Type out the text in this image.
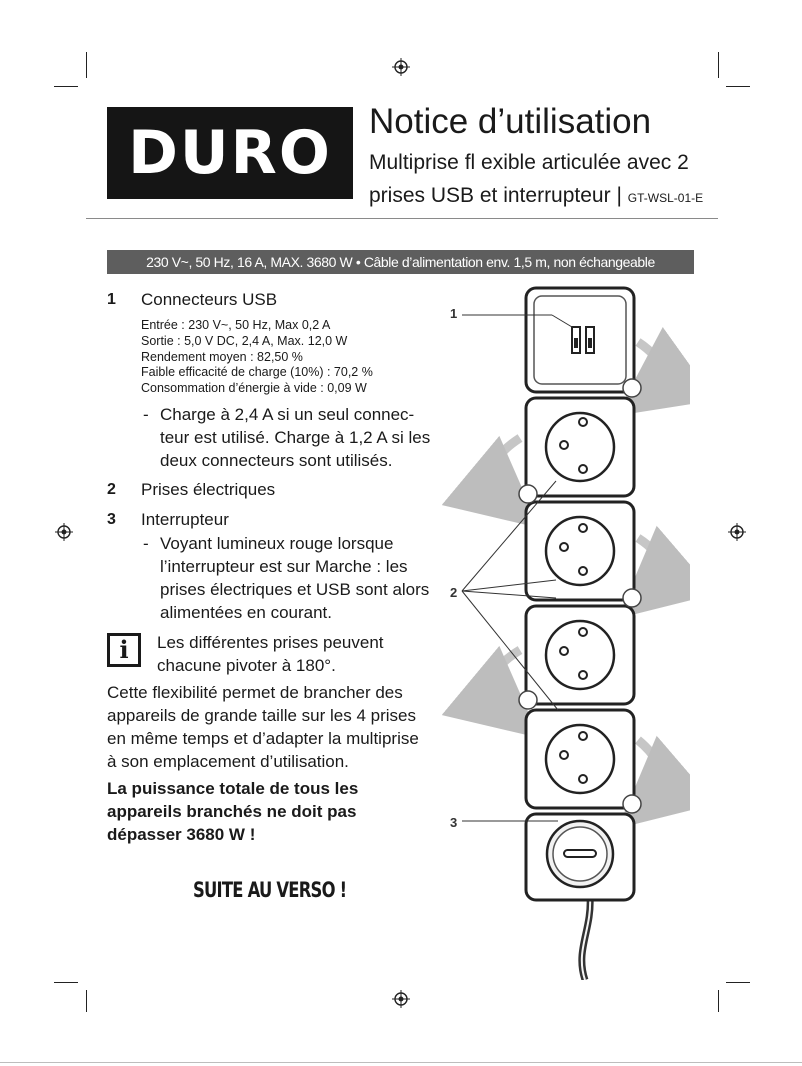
DURO	Notice d’utilisation
Multiprise fl exible articulée avec 2
prises USB et interrupteur | GT-WSL-01-E
230 V~, 50 Hz, 16 A, MAX. 3680 W • Câble d’alimentation env. 1,5 m, non échangeable
1 Connecteurs USB
Entrée : 230 V~, 50 Hz, Max 0,2 A
Sortie : 5,0 V DC, 2,4 A, Max. 12,0 W
Rendement moyen : 82,50 %
Faible efficacité de charge (10%) : 70,2 %
Consommation d’énergie à vide : 0,09 W
- Charge à 2,4 A si un seul connec-
teur est utilisé. Charge à 1,2 A si les
deux connecteurs sont utilisés.
2 Prises électriques
3 Interrupteur
- Voyant lumineux rouge lorsque
l’interrupteur est sur Marche : les
prises électriques et USB sont alors
alimentées en courant.
i	Les différentes prises peuvent
chacune pivoter à 180°.
Cette flexibilité permet de brancher des
appareils de grande taille sur les 4 prises
en même temps et d’adapter la multiprise
à son emplacement d’utilisation.
La puissance totale de tous les
appareils branchés ne doit pas
dépasser 3680 W !
SUITE AU VERSO !
1
2
3
